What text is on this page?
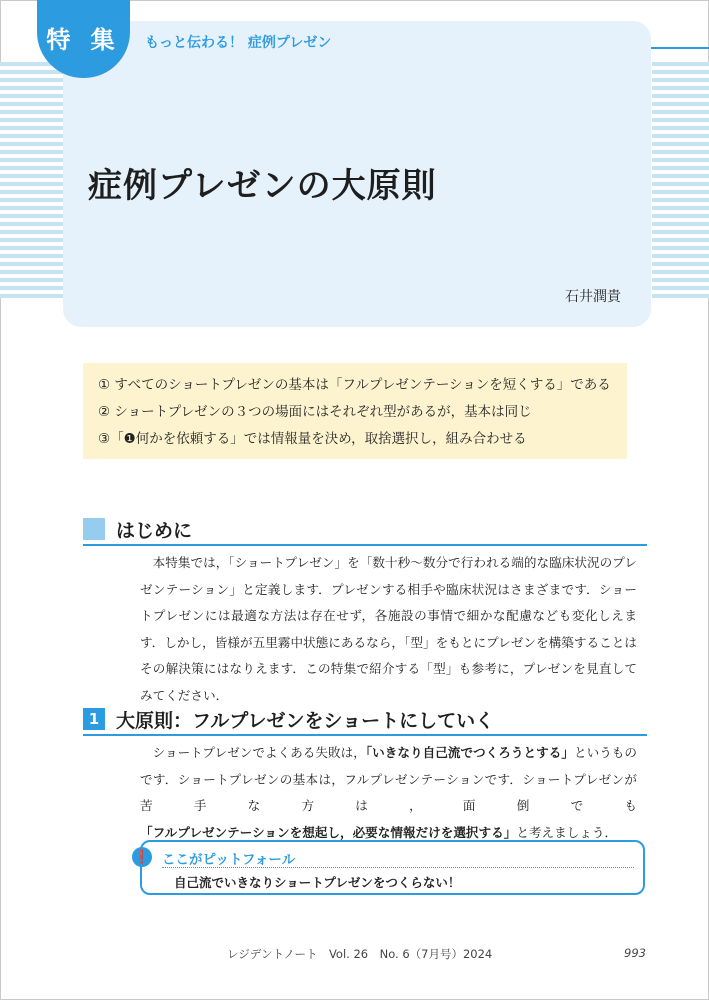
特 集	もっと伝わる！ 症例プレゼン
症例プレゼンの大原則
石井潤貴
① すべてのショートプレゼンの基本は「フルプレゼンテーションを短くする」である
② ショートプレゼンの３つの場面にはそれぞれ型があるが，基本は同じ
③「❶何かを依頼する」では情報量を決め，取捨選択し，組み合わせる
はじめに

本特集では，「ショートプレゼン」を「数十秒〜数分で行われる端的な臨床状況のプレゼンテーション」と定義します．プレゼンする相手や臨床状況はさまざまです．ショートプレゼンには最適な方法は存在せず，各施設の事情で細かな配慮なども変化しえます．しかし，皆様が五里霧中状態にあるなら，「型」をもとにプレゼンを構築することはその解決策にはなりえます．この特集で紹介する「型」も参考に，プレゼンを見直してみてください．

1 大原則：フルプレゼンをショートにしていく

ショートプレゼンでよくある失敗は，「いきなり自己流でつくろうとする」というものです．ショートプレゼンの基本は，フルプレゼンテーションです．ショートプレゼンが苦手な方は，面倒でも「フルプレゼンテーションを想起し，必要な情報だけを選択する」と考えましょう．

❗ ここがピットフォール
自己流でいきなりショートプレゼンをつくらない！
レジデントノート　Vol. 26　No. 6（7月号）2024	993
